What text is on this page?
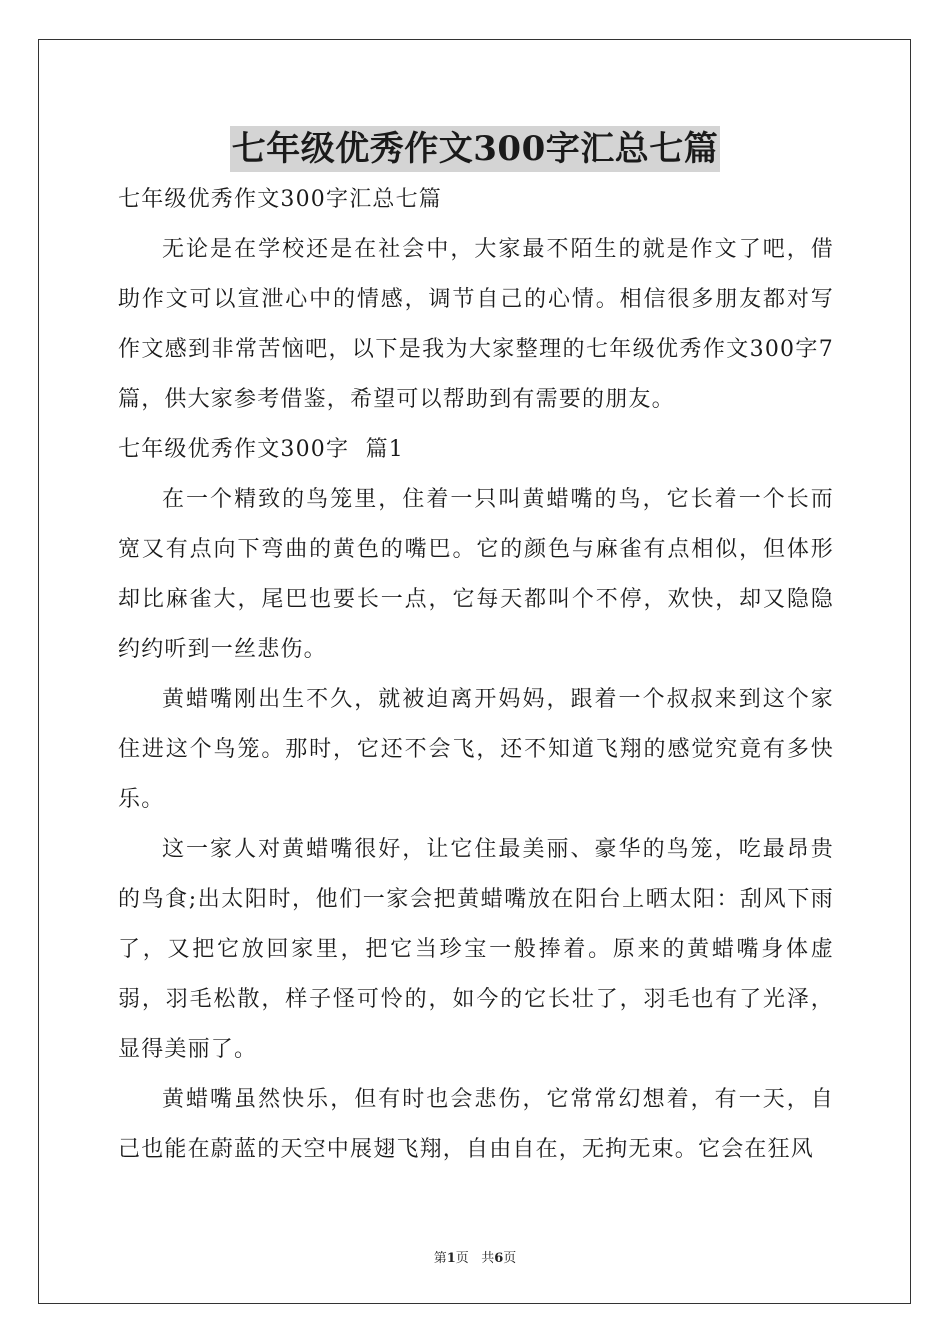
七年级优秀作文300字汇总七篇

七年级优秀作文300字汇总七篇

无论是在学校还是在社会中，大家最不陌生的就是作文了吧，借助作文可以宣泄心中的情感，调节自己的心情。相信很多朋友都对写作文感到非常苦恼吧，以下是我为大家整理的七年级优秀作文300字7篇，供大家参考借鉴，希望可以帮助到有需要的朋友。

七年级优秀作文300字  篇1

在一个精致的鸟笼里，住着一只叫黄蜡嘴的鸟，它长着一个长而宽又有点向下弯曲的黄色的嘴巴。它的颜色与麻雀有点相似，但体形却比麻雀大，尾巴也要长一点，它每天都叫个不停，欢快，却又隐隐约约听到一丝悲伤。

黄蜡嘴刚出生不久，就被迫离开妈妈，跟着一个叔叔来到这个家住进这个鸟笼。那时，它还不会飞，还不知道飞翔的感觉究竟有多快乐。

这一家人对黄蜡嘴很好，让它住最美丽、豪华的鸟笼，吃最昂贵的鸟食;出太阳时，他们一家会把黄蜡嘴放在阳台上晒太阳：刮风下雨了，又把它放回家里，把它当珍宝一般捧着。原来的黄蜡嘴身体虚弱，羽毛松散，样子怪可怜的，如今的它长壮了，羽毛也有了光泽，显得美丽了。

黄蜡嘴虽然快乐，但有时也会悲伤，它常常幻想着，有一天，自己也能在蔚蓝的天空中展翅飞翔，自由自在，无拘无束。它会在狂风

第1页 共6页
